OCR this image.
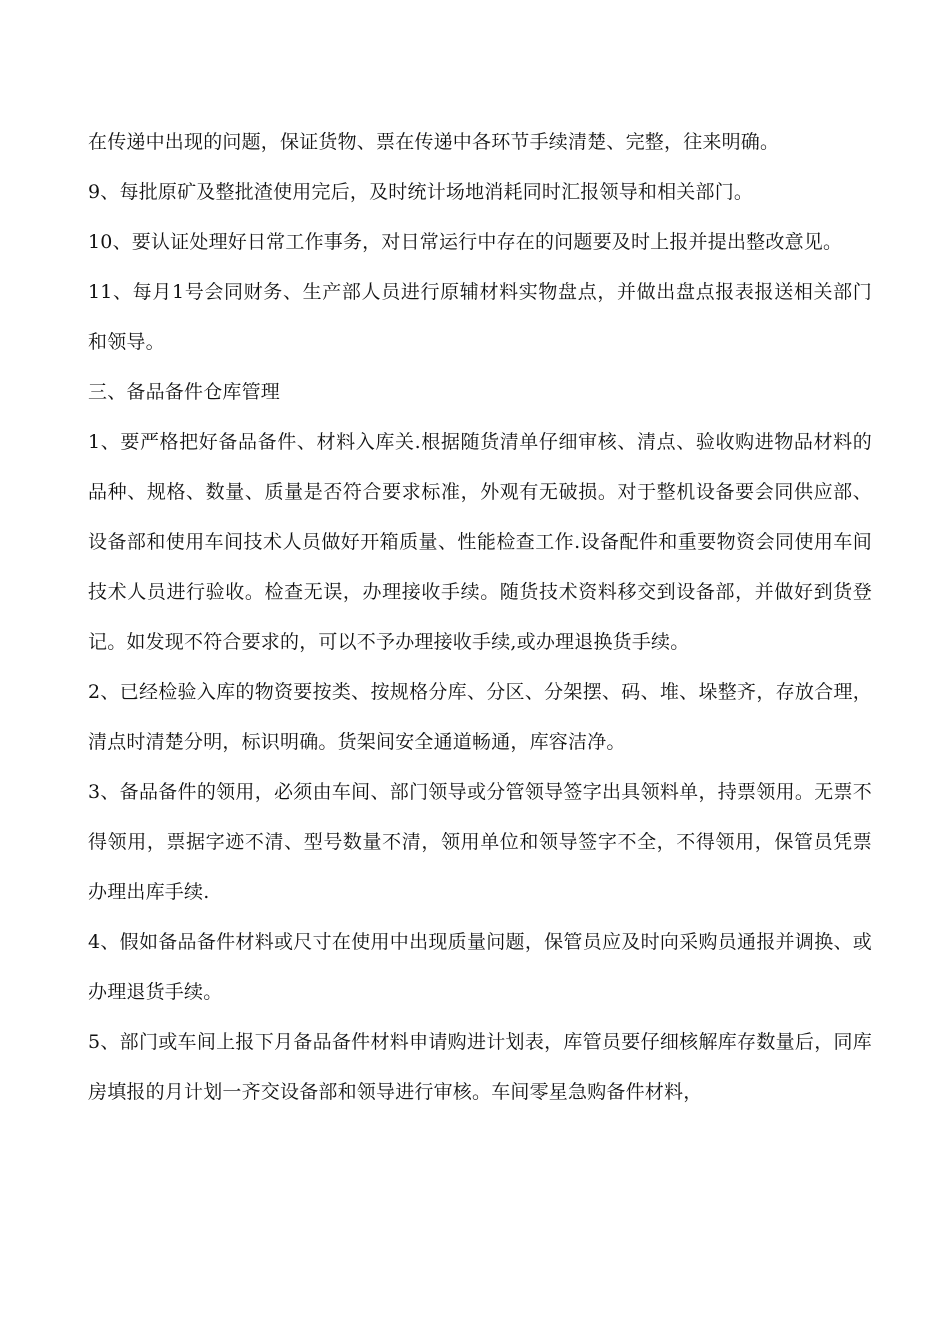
在传递中出现的问题，保证货物、票在传递中各环节手续清楚、完整，往来明确。

9、每批原矿及整批渣使用完后，及时统计场地消耗同时汇报领导和相关部门。

10、要认证处理好日常工作事务，对日常运行中存在的问题要及时上报并提出整改意见。

11、每月1号会同财务、生产部人员进行原辅材料实物盘点，并做出盘点报表报送相关部门和领导。

三、备品备件仓库管理

1、要严格把好备品备件、材料入库关.根据随货清单仔细审核、清点、验收购进物品材料的品种、规格、数量、质量是否符合要求标准，外观有无破损。对于整机设备要会同供应部、设备部和使用车间技术人员做好开箱质量、性能检查工作.设备配件和重要物资会同使用车间技术人员进行验收。检查无误，办理接收手续。随货技术资料移交到设备部，并做好到货登记。如发现不符合要求的，可以不予办理接收手续,或办理退换货手续。

2、已经检验入库的物资要按类、按规格分库、分区、分架摆、码、堆、垛整齐，存放合理，清点时清楚分明，标识明确。货架间安全通道畅通，库容洁净。

3、备品备件的领用，必须由车间、部门领导或分管领导签字出具领料单，持票领用。无票不得领用，票据字迹不清、型号数量不清，领用单位和领导签字不全，不得领用，保管员凭票办理出库手续.

4、假如备品备件材料或尺寸在使用中出现质量问题，保管员应及时向采购员通报并调换、或办理退货手续。

5、部门或车间上报下月备品备件材料申请购进计划表，库管员要仔细核解库存数量后，同库房填报的月计划一齐交设备部和领导进行审核。车间零星急购备件材料，
